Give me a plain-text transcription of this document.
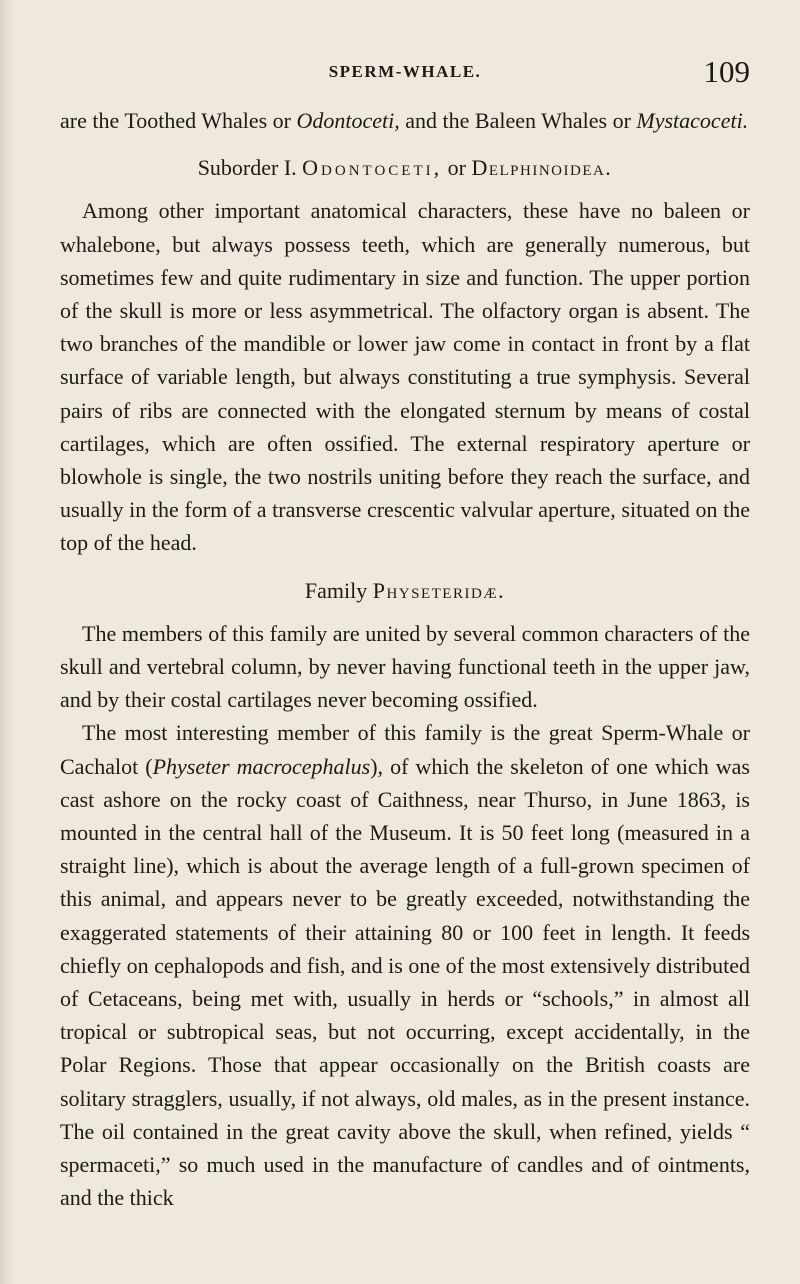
SPERM-WHALE.	109

are the Toothed Whales or Odontoceti, and the Baleen Whales or Mystacoceti.

Suborder I. Odontoceti, or Delphinoidea.

Among other important anatomical characters, these have no baleen or whalebone, but always possess teeth, which are generally numerous, but sometimes few and quite rudimentary in size and function. The upper portion of the skull is more or less asymmetrical. The olfactory organ is absent. The two branches of the mandible or lower jaw come in contact in front by a flat surface of variable length, but always constituting a true symphysis. Several pairs of ribs are connected with the elongated sternum by means of costal cartilages, which are often ossified. The external respiratory aperture or blowhole is single, the two nostrils uniting before they reach the surface, and usually in the form of a transverse crescentic valvular aperture, situated on the top of the head.

Family Physeteridæ.

The members of this family are united by several common characters of the skull and vertebral column, by never having functional teeth in the upper jaw, and by their costal cartilages never becoming ossified.

The most interesting member of this family is the great Sperm-Whale or Cachalot (Physeter macrocephalus), of which the skeleton of one which was cast ashore on the rocky coast of Caithness, near Thurso, in June 1863, is mounted in the central hall of the Museum. It is 50 feet long (measured in a straight line), which is about the average length of a full-grown specimen of this animal, and appears never to be greatly exceeded, notwithstanding the exaggerated statements of their attaining 80 or 100 feet in length. It feeds chiefly on cephalopods and fish, and is one of the most extensively distributed of Cetaceans, being met with, usually in herds or “schools,” in almost all tropical or subtropical seas, but not occurring, except accidentally, in the Polar Regions. Those that appear occasionally on the British coasts are solitary stragglers, usually, if not always, old males, as in the present instance. The oil contained in the great cavity above the skull, when refined, yields “ spermaceti,” so much used in the manufacture of candles and of ointments, and the thick
